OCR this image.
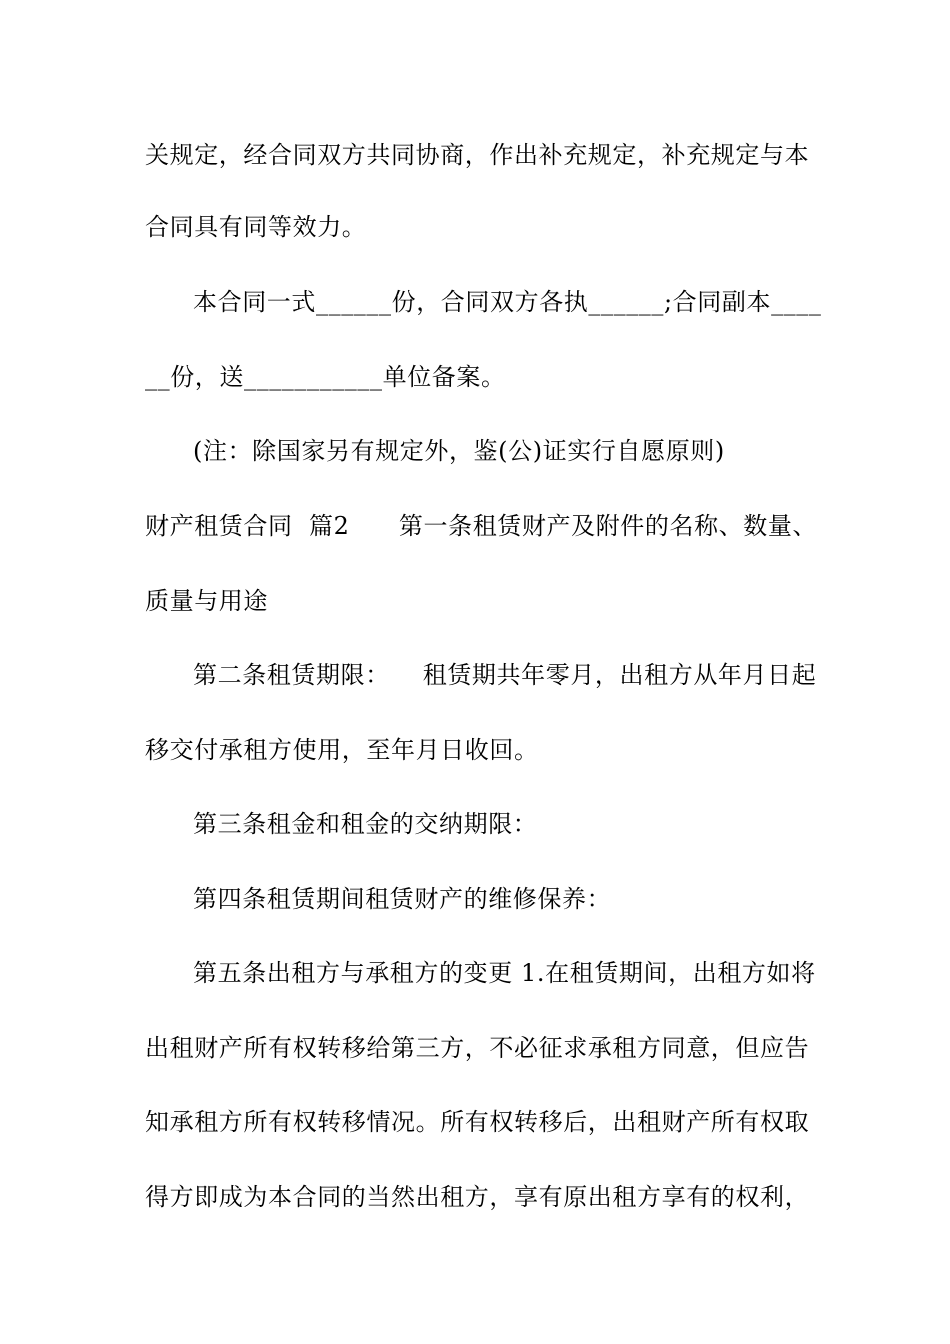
关规定，经合同双方共同协商，作出补充规定，补充规定与本
合同具有同等效力。
本合同一式______份，合同双方各执______;合同副本____
__份，送___________单位备案。
(注：除国家另有规定外，鉴(公)证实行自愿原则)
财产租赁合同  篇2      第一条租赁财产及附件的名称、数量、
质量与用途
第二条租赁期限：    租赁期共年零月，出租方从年月日起
移交付承租方使用，至年月日收回。
第三条租金和租金的交纳期限：
第四条租赁期间租赁财产的维修保养：
第五条出租方与承租方的变更 1.在租赁期间，出租方如将
出租财产所有权转移给第三方，不必征求承租方同意，但应告
知承租方所有权转移情况。所有权转移后，出租财产所有权取
得方即成为本合同的当然出租方，享有原出租方享有的权利，
